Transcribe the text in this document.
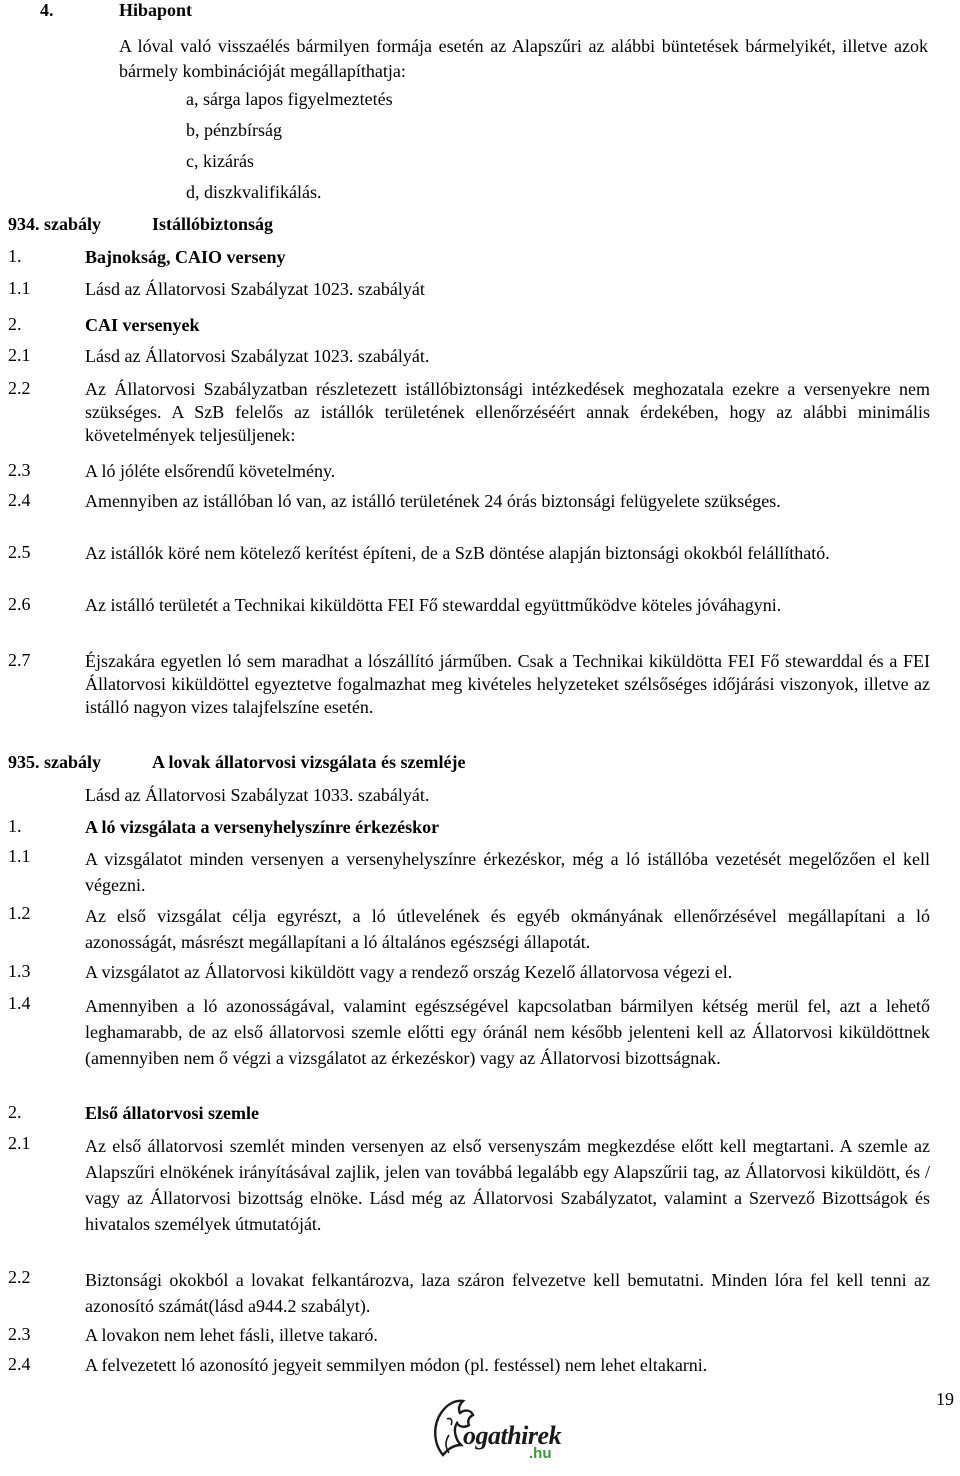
4.	Hibapont
A lóval való visszaélés bármilyen formája esetén az Alapszűri az alábbi büntetések bármelyikét, illetve azok bármely kombinációját megállapíthatja:
a, sárga lapos figyelmeztetés
b, pénzbírság
c, kizárás
d, diszkvalifikálás.
934. szabály	Istállóbiztonság
1.	Bajnokság, CAIO verseny
1.1	Lásd az Állatorvosi Szabályzat 1023. szabályát
2.	CAI versenyek
2.1	Lásd az Állatorvosi Szabályzat 1023. szabályát.
2.2	Az Állatorvosi Szabályzatban részletezett istállóbiztonsági intézkedések meghozatala ezekre a versenyekre nem szükséges. A SzB felelős az istállók területének ellenőrzéséért annak érdekében, hogy az alábbi minimális követelmények teljesüljenek:
2.3	A ló jóléte elsőrendű követelmény.
2.4	Amennyiben az istállóban ló van, az istálló területének 24 órás biztonsági felügyelete szükséges.
2.5	Az istállók köré nem kötelező kerítést építeni, de a SzB döntése alapján biztonsági okokból felállítható.
2.6	Az istálló területét a Technikai kiküldötta FEI Fő stewarddal együttműködve köteles jóváhagyni.
2.7	Éjszakára egyetlen ló sem maradhat a lószállító járműben. Csak a Technikai kiküldötta FEI Fő stewarddal és a FEI Állatorvosi kiküldöttel egyeztetve fogalmazhat meg kivételes helyzeteket szélsőséges időjárási viszonyok, illetve az istálló nagyon vizes talajfelszíne esetén.
935. szabály	A lovak állatorvosi vizsgálata és szemléje
Lásd az Állatorvosi Szabályzat 1033. szabályát.
1.	A ló vizsgálata a versenyhelyszínre érkezéskor
1.1	A vizsgálatot minden versenyen a versenyhelyszínre érkezéskor, még a ló istállóba vezetését megelőzően el kell végezni.
1.2	Az első vizsgálat célja egyrészt, a ló útlevelének és egyéb okmányának ellenőrzésével megállapítani a ló azonosságát, másrészt megállapítani a ló általános egészségi állapotát.
1.3	A vizsgálatot az Állatorvosi kiküldött vagy a rendező ország Kezelő állatorvosa végezi el.
1.4	Amennyiben a ló azonosságával, valamint egészségével kapcsolatban bármilyen kétség merül fel, azt a lehető leghamarabb, de az első állatorvosi szemle előtti egy óránál nem később jelenteni kell az Állatorvosi kiküldöttnek (amennyiben nem ő végzi a vizsgálatot az érkezéskor) vagy az Állatorvosi bizottságnak.
2.	Első állatorvosi szemle
2.1	Az első állatorvosi szemlét minden versenyen az első versenyszám megkezdése előtt kell megtartani. A szemle az Alapszűri elnökének irányításával zajlik, jelen van továbbá legalább egy Alapszűrii tag, az Állatorvosi kiküldött, és / vagy az Állatorvosi bizottság elnöke. Lásd még az Állatorvosi Szabályzatot, valamint a Szervező Bizottságok és hivatalos személyek útmutatóját.
2.2	Biztonsági okokból a lovakat felkantározva, laza száron felvezetve kell bemutatni. Minden lóra fel kell tenni az azonosító számát(lásd a944.2 szabályt).
2.3	A lovakon nem lehet fásli, illetve takaró.
2.4	A felvezetett ló azonosító jegyeit semmilyen módon (pl. festéssel) nem lehet eltakarni.
19
ogathirek
.hu
